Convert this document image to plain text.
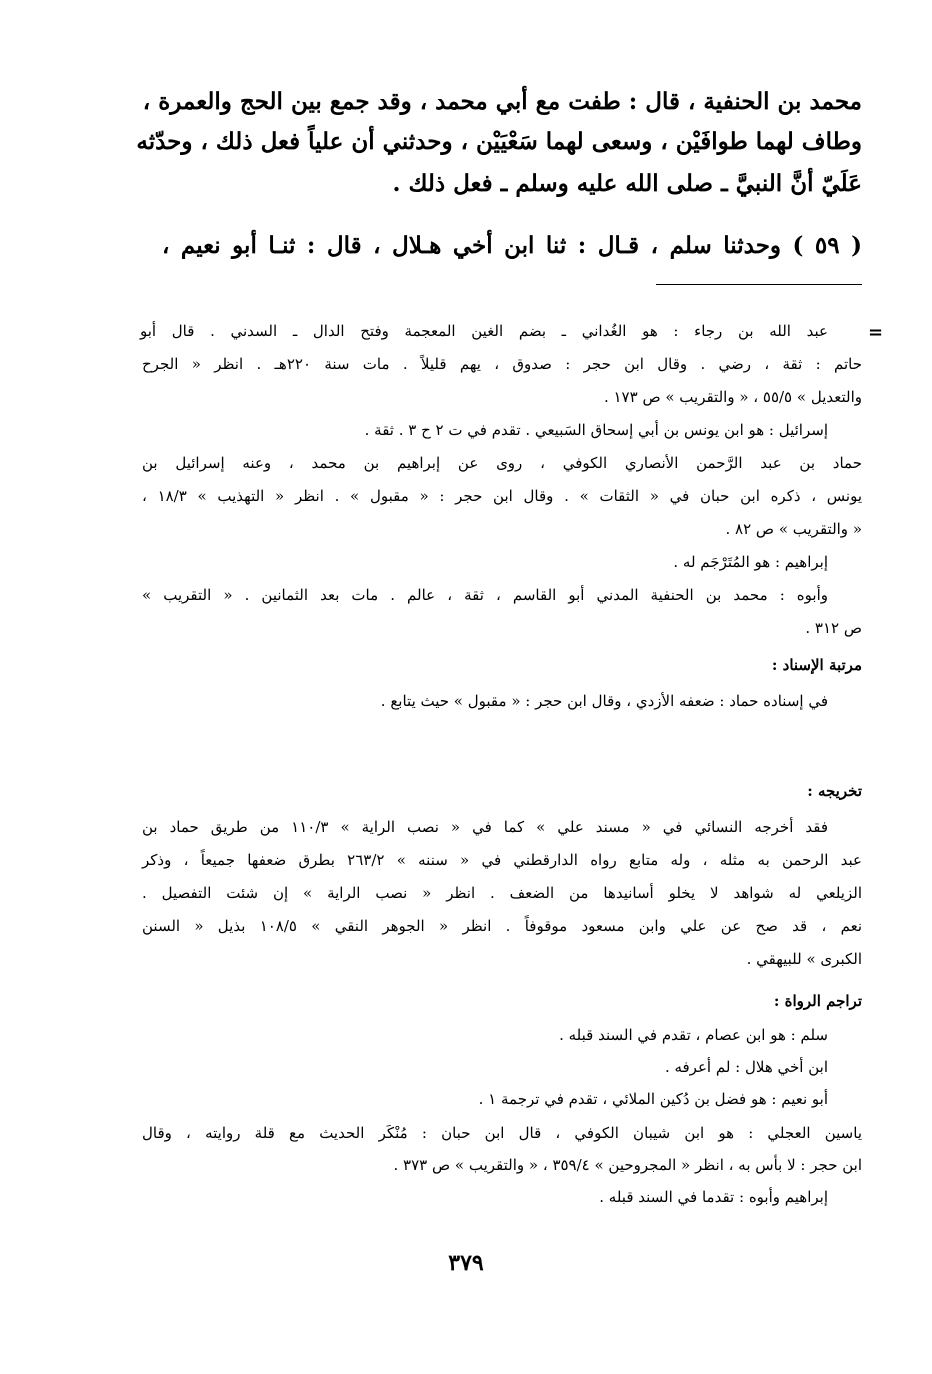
محمد بن الحنفية ، قال : طفت مع أبي محمد ، وقد جمع بين الحج والعمرة ،
وطاف لهما طوافَيْن ، وسعى لهما سَعْيَيْن ، وحدثني أن علياً فعل ذلك ، وحدّثه
عَلَيّ أنَّ النبيَّ ـ صلى الله عليه وسلم ـ فعل ذلك .
( ٥٩ ) وحدثنا سلم ، قـال : ثنا ابن أخي هـلال ، قال : ثنـا أبو نعيم ،
=
عبد الله بن رجاء : هو الغُداني ـ بضم الغين المعجمة وفتح الدال ـ السدني . قال أبو
حاتم : ثقة ، رضي . وقال ابن حجر : صدوق ، يهم قليلاً . مات سنة ٢٢٠هـ . انظر « الجرح
والتعديل » ٥٥/٥ ، « والتقريب » ص ١٧٣ .
إسرائيل : هو ابن يونس بن أبي إسحاق السَبيعي . تقدم في ت ٢ ح ٣ . ثقة .
حماد بن عبد الرَّحمن الأنصاري الكوفي ، روى عن إبراهيم بن محمد ، وعنه إسرائيل بن
يونس ، ذكره ابن حبان في « الثقات » . وقال ابن حجر : « مقبول » . انظر « التهذيب » ١٨/٣ ،
« والتقريب » ص ٨٢ .
إبراهيم : هو المُتَرْجَم له .
وأبوه : محمد بن الحنفية المدني أبو القاسم ، ثقة ، عالم . مات بعد الثمانين . « التقريب »
ص ٣١٢ .
مرتبة الإسناد :
في إسناده حماد : ضعفه الأزدي ، وقال ابن حجر : « مقبول » حيث يتابع .
تخريجه :
فقد أخرجه النسائي في « مسند علي » كما في « نصب الراية » ١١٠/٣ من طريق حماد بن
عبد الرحمن به مثله ، وله متابع رواه الدارقطني في « سننه » ٢٦٣/٢ بطرق ضعفها جميعاً ، وذكر
الزيلعي له شواهد لا يخلو أسانيدها من الضعف . انظر « نصب الراية » إن شئت التفصيل .
نعم ، قد صح عن علي وابن مسعود موقوفاً . انظر « الجوهر النقي » ١٠٨/٥ بذيل « السنن
الكبرى » للبيهقي .
تراجم الرواة :
سلم : هو ابن عصام ، تقدم في السند قبله .
ابن أخي هلال : لم أعرفه .
أبو نعيم : هو فضل بن دُكين الملائي ، تقدم في ترجمة ١ .
ياسين العجلي : هو ابن شيبان الكوفي ، قال ابن حبان : مُنْكَر الحديث مع قلة روايته ، وقال
ابن حجر : لا بأس به ، انظر « المجروحين » ٣٥٩/٤ ، « والتقريب » ص ٣٧٣ .
إبراهيم وأبوه : تقدما في السند قبله .
٣٧٩
